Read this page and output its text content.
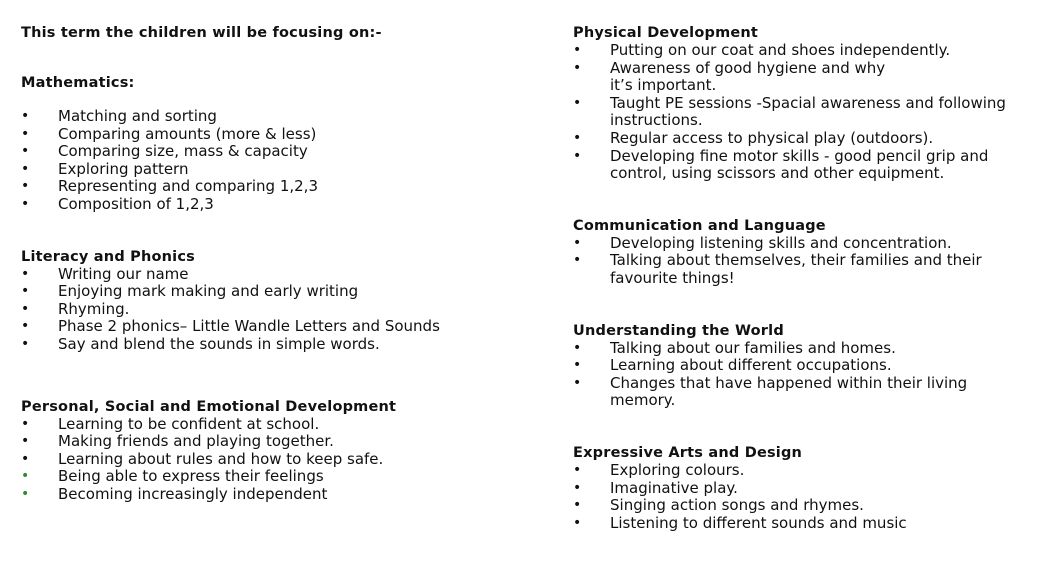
This term the children will be focusing on:-

Mathematics:

• Matching and sorting
• Comparing amounts (more & less)
• Comparing size, mass & capacity
• Exploring pattern
• Representing and comparing 1,2,3
• Composition of 1,2,3

Literacy and Phonics

• Writing our name
• Enjoying mark making and early writing
• Rhyming.
• Phase 2 phonics– Little Wandle Letters and Sounds
• Say and blend the sounds in simple words.

Personal, Social and Emotional Development

• Learning to be confident at school.
• Making friends and playing together.
• Learning about rules and how to keep safe.
• Being able to express their feelings
• Becoming increasingly independent

Physical Development

• Putting on our coat and shoes independently.
• Awareness of good hygiene and why it’s important.
• Taught PE sessions -Spacial awareness and following instructions.
• Regular access to physical play (outdoors).
• Developing fine motor skills - good pencil grip and control, using scissors and other equipment.

Communication and Language

• Developing listening skills and concentration.
• Talking about themselves, their families and their favourite things!

Understanding the World

• Talking about our families and homes.
• Learning about different occupations.
• Changes that have happened within their living memory.

Expressive Arts and Design

• Exploring colours.
• Imaginative play.
• Singing action songs and rhymes.
• Listening to different sounds and music
